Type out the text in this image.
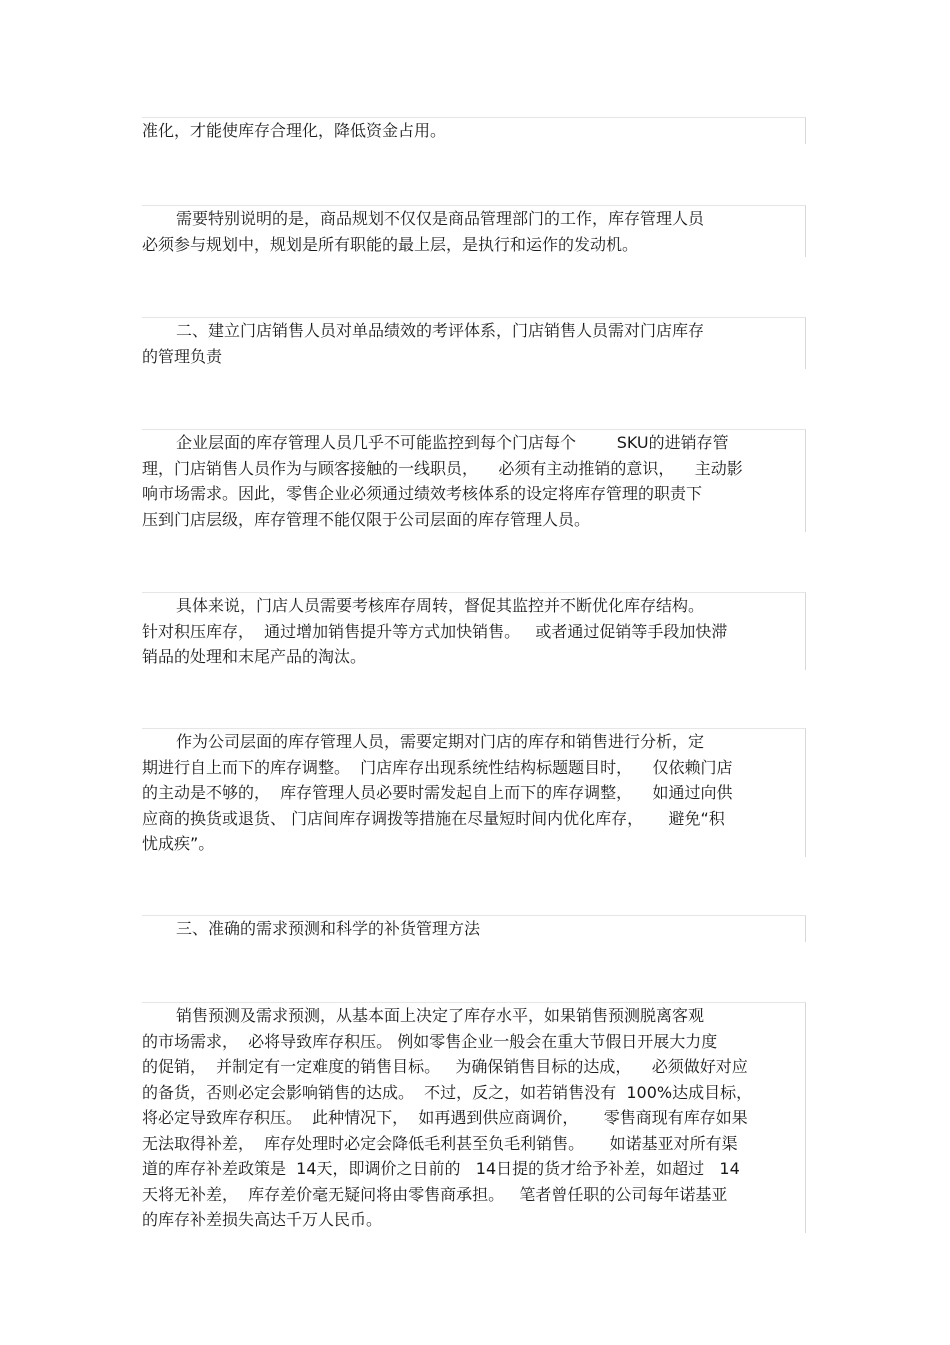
准化，才能使库存合理化，降低资金占用。
需要特别说明的是，商品规划不仅仅是商品管理部门的工作，库存管理人员
必须参与规划中，规划是所有职能的最上层，是执行和运作的发动机。
二、建立门店销售人员对单品绩效的考评体系，门店销售人员需对门店库存
的管理负责
企业层面的库存管理人员几乎不可能监控到每个门店每个        SKU的进销存管
理，门店销售人员作为与顾客接触的一线职员，    必须有主动推销的意识，    主动影
响市场需求。因此，零售企业必须通过绩效考核体系的设定将库存管理的职责下
压到门店层级，库存管理不能仅限于公司层面的库存管理人员。
具体来说，门店人员需要考核库存周转，督促其监控并不断优化库存结构。
针对积压库存，  通过增加销售提升等方式加快销售。   或者通过促销等手段加快滞
销品的处理和末尾产品的淘汰。
作为公司层面的库存管理人员，需要定期对门店的库存和销售进行分析，定
期进行自上而下的库存调整。  门店库存出现系统性结构标题题目时，    仅依赖门店
的主动是不够的，  库存管理人员必要时需发起自上而下的库存调整，    如通过向供
应商的换货或退货、 门店间库存调拨等措施在尽量短时间内优化库存，     避免“积
忧成疾”。
三、准确的需求预测和科学的补货管理方法
销售预测及需求预测，从基本面上决定了库存水平，如果销售预测脱离客观
的市场需求，  必将导致库存积压。 例如零售企业一般会在重大节假日开展大力度
的促销，  并制定有一定难度的销售目标。   为确保销售目标的达成，    必须做好对应
的备货，否则必定会影响销售的达成。  不过，反之，如若销售没有  100%达成目标，
将必定导致库存积压。  此种情况下，  如再遇到供应商调价，     零售商现有库存如果
无法取得补差，  库存处理时必定会降低毛利甚至负毛利销售。     如诺基亚对所有渠
道的库存补差政策是  14天，即调价之日前的   14日提的货才给予补差，如超过   14
天将无补差，  库存差价毫无疑问将由零售商承担。   笔者曾任职的公司每年诺基亚
的库存补差损失高达千万人民币。
